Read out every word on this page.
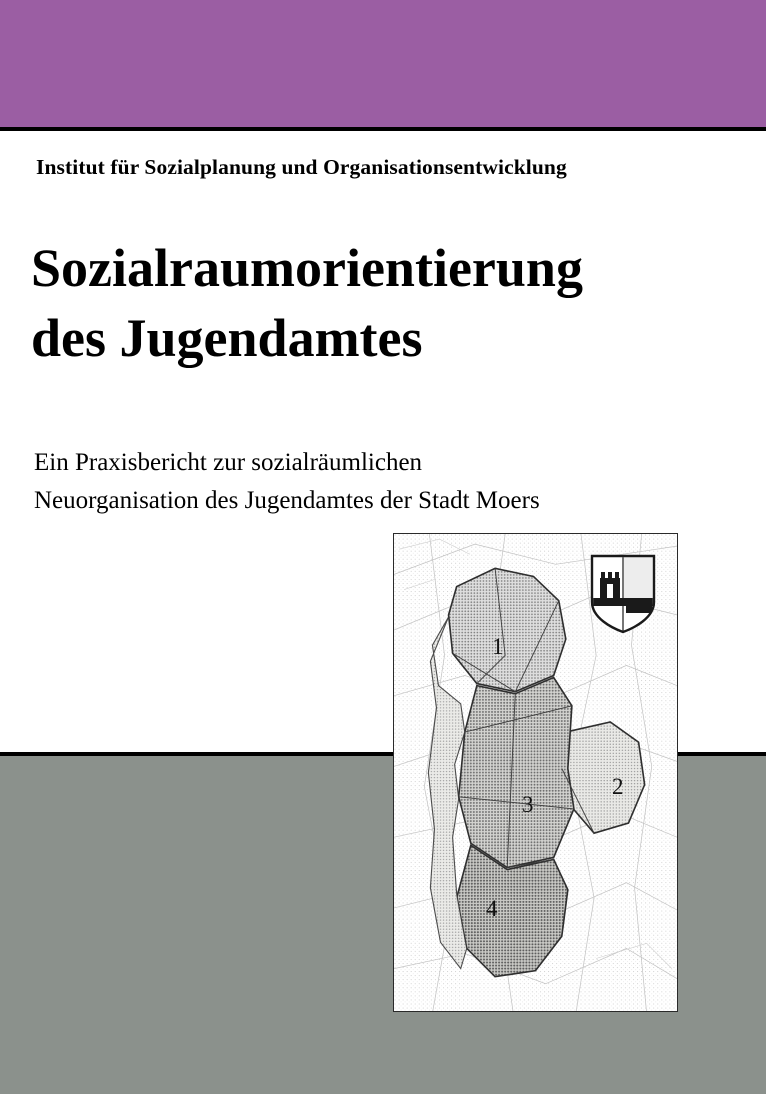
Institut für Sozialplanung und Organisationsentwicklung
Sozialraumorientierung
des Jugendamtes
Ein Praxisbericht zur sozialräumlichen
Neuorganisation des Jugendamtes der Stadt Moers
1
2
3
4
